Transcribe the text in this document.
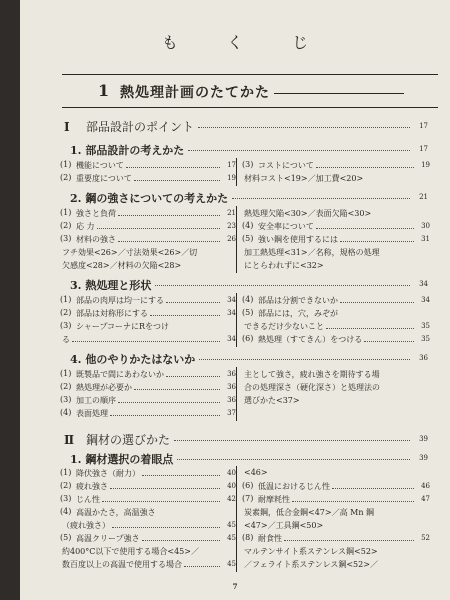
も く じ
1 熱処理計画のたてかた
Ⅰ 部品設計のポイント	17
1. 部品設計の考えかた	17
(1) 機能について	17
(2) 重要度について	19
(3) コストについて	19
材料コスト<19>／加工費<20>
2. 鋼の強さについての考えかた	21
(1) 強さと負荷	21
(2) 応 力	23
(3) 材料の強さ	26
フチ効果<26>／寸法効果<26>／切
欠感度<28>／材料の欠陥<28>
熱処理欠陥<30>／表面欠陥<30>
(4) 安全率について	30
(5) 強い鋼を使用するには	31
加工熱処理<31>／名称，規格の処理
にとらわれずに<32>
3. 熱処理と形状	34
(1) 部品の肉厚は均一にする	34
(2) 部品は対称形にする	34
(3) シャープコーナにRをつけ
る	34
(4) 部品は分割できないか	34
(5) 部品には，穴，みぞが
できるだけ少ないこと	35
(6) 熱処理（すてきん）をつける	35
4. 他のやりかたはないか	36
(1) 既製品で間にあわないか	36
(2) 熱処理が必要か	36
(3) 加工の順序	36
(4) 表面処理	37
主として強さ，疲れ強さを期待する場
合の処理深さ（硬化深さ）と処理法の
選びかた<37>
Ⅱ 鋼材の選びかた	39
1. 鋼材選択の着眼点	39
(1) 降伏強さ（耐力）	40
(2) 疲れ強さ	40
(3) じん性	42
(4) 高温かたさ，高温強さ
（疲れ強さ）	45
(5) 高温クリープ強さ	45
約400°C以下で使用する場合<45>／
数百度以上の高温で使用する場合	45
<46>
(6) 低温におけるじん性	46
(7) 耐摩耗性	47
炭素鋼，低合金鋼<47>／高 Mn 鋼
<47>／工具鋼<50>
(8) 耐食性	52
マルテンサイト系ステンレス鋼<52>
／フェライト系ステンレス鋼<52>／
7
